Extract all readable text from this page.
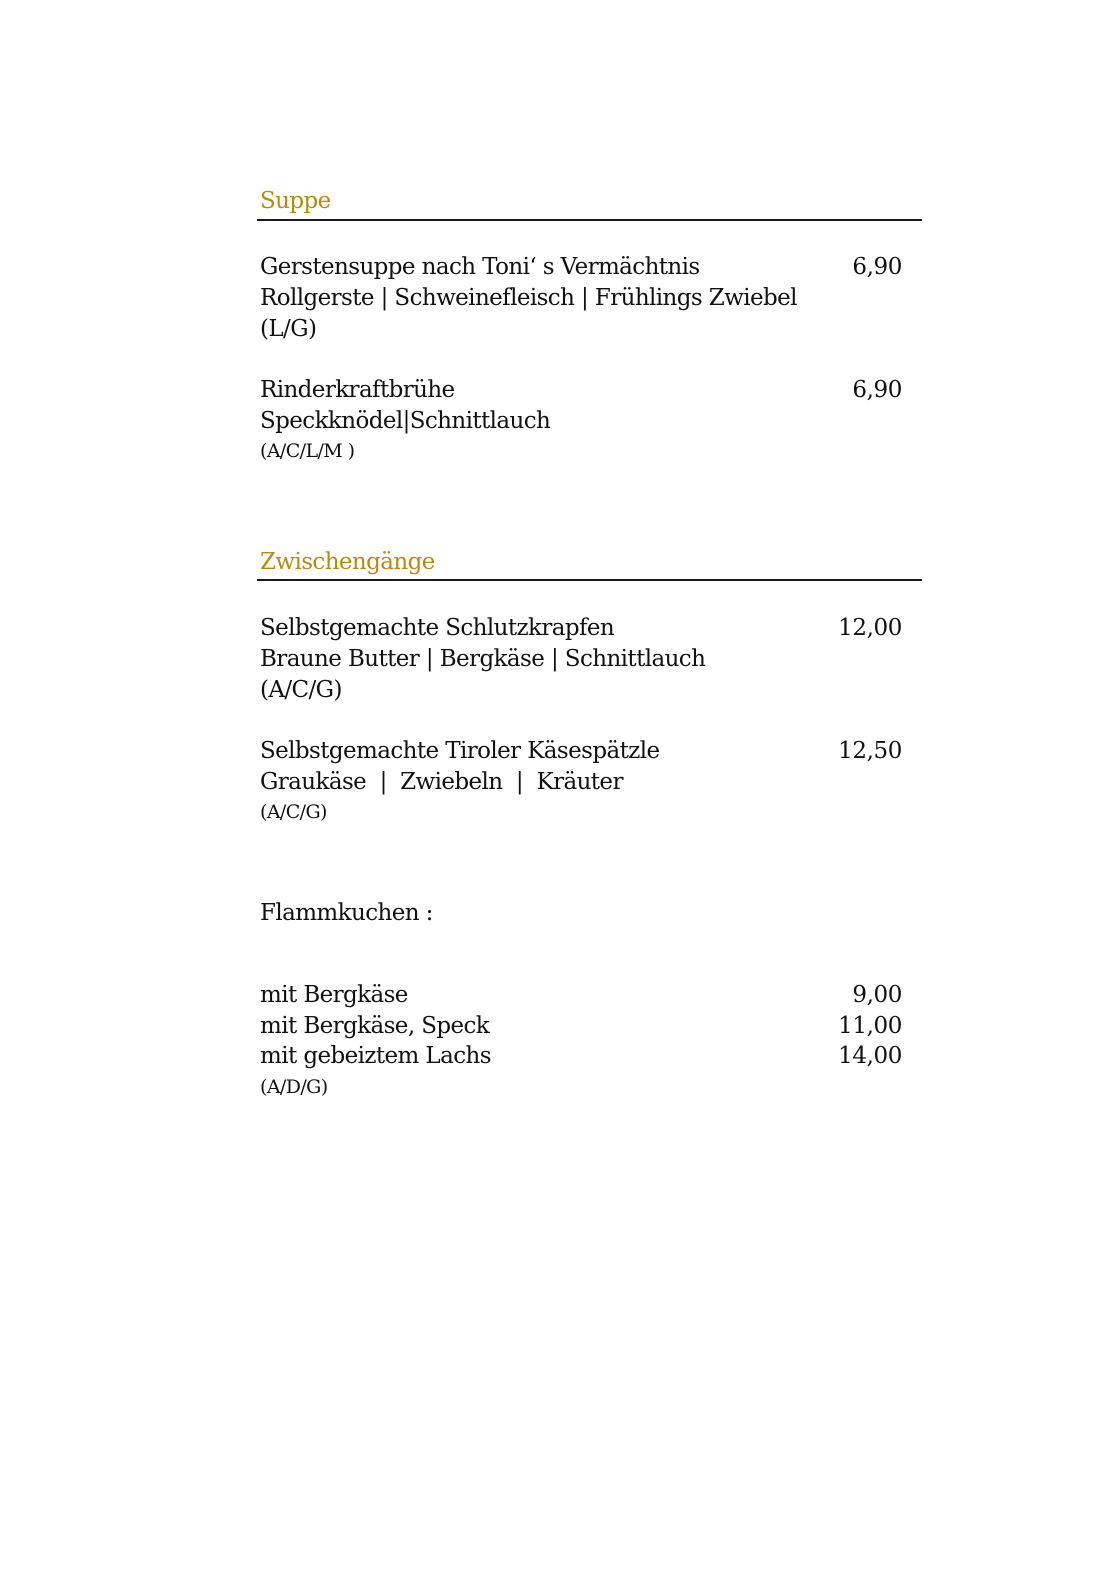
Suppe
Gerstensuppe nach Toni‘ s Vermächtnis	6,90
Rollgerste | Schweinefleisch | Frühlings Zwiebel
(L/G)
Rinderkraftbrühe	6,90
Speckknödel|Schnittlauch
(A/C/L/M )
Zwischengänge
Selbstgemachte Schlutzkrapfen	12,00
Braune Butter | Bergkäse | Schnittlauch
(A/C/G)
Selbstgemachte Tiroler Käsespätzle	12,50
Graukäse  |  Zwiebeln  |  Kräuter
(A/C/G)
Flammkuchen :
mit Bergkäse	9,00
mit Bergkäse, Speck	11,00
mit gebeiztem Lachs	14,00
(A/D/G)
